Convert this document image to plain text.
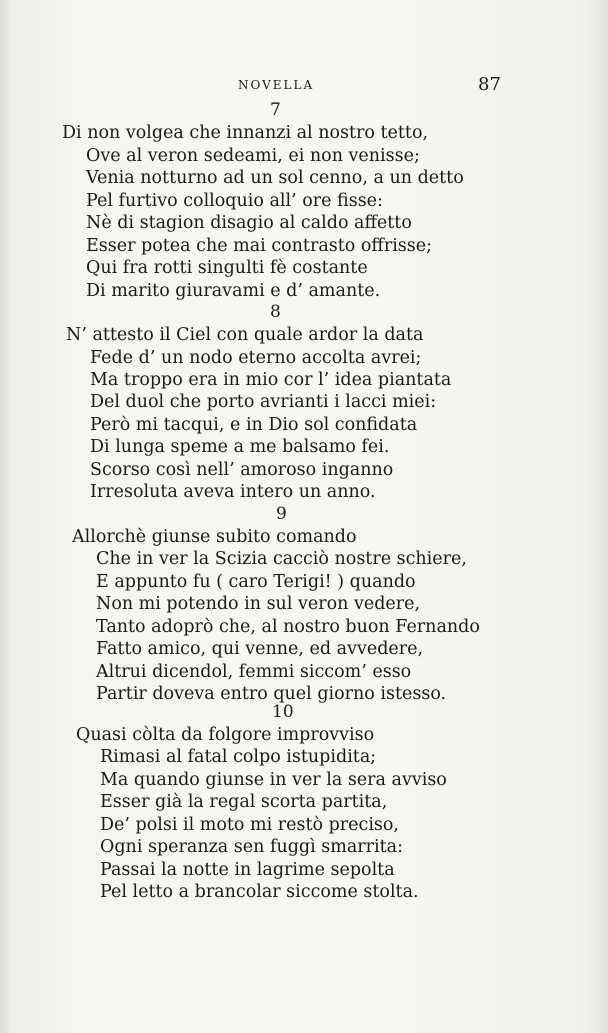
NOVELLA	87
7
Di non volgea che innanzi al nostro tetto,
Ove al veron sedeami, ei non venisse;
Venia notturno ad un sol cenno, a un detto
Pel furtivo colloquio all’ ore fisse:
Nè di stagion disagio al caldo affetto
Esser potea che mai contrasto offrisse;
Qui fra rotti singulti fè costante
Di marito giuravami e d’ amante.
8
N’ attesto il Ciel con quale ardor la data
Fede d’ un nodo eterno accolta avrei;
Ma troppo era in mio cor l’ idea piantata
Del duol che porto avrianti i lacci miei:
Però mi tacqui, e in Dio sol confidata
Di lunga speme a me balsamo fei.
Scorso così nell’ amoroso inganno
Irresoluta aveva intero un anno.
9
Allorchè giunse subito comando
Che in ver la Scizia cacciò nostre schiere,
E appunto fu ( caro Terigi! ) quando
Non mi potendo in sul veron vedere,
Tanto adoprò che, al nostro buon Fernando
Fatto amico, qui venne, ed avvedere,
Altrui dicendol, femmi siccom’ esso
Partir doveva entro quel giorno istesso.
10
Quasi còlta da folgore improvviso
Rimasi al fatal colpo istupidita;
Ma quando giunse in ver la sera avviso
Esser già la regal scorta partita,
De’ polsi il moto mi restò preciso,
Ogni speranza sen fuggì smarrita:
Passai la notte in lagrime sepolta
Pel letto a brancolar siccome stolta.
